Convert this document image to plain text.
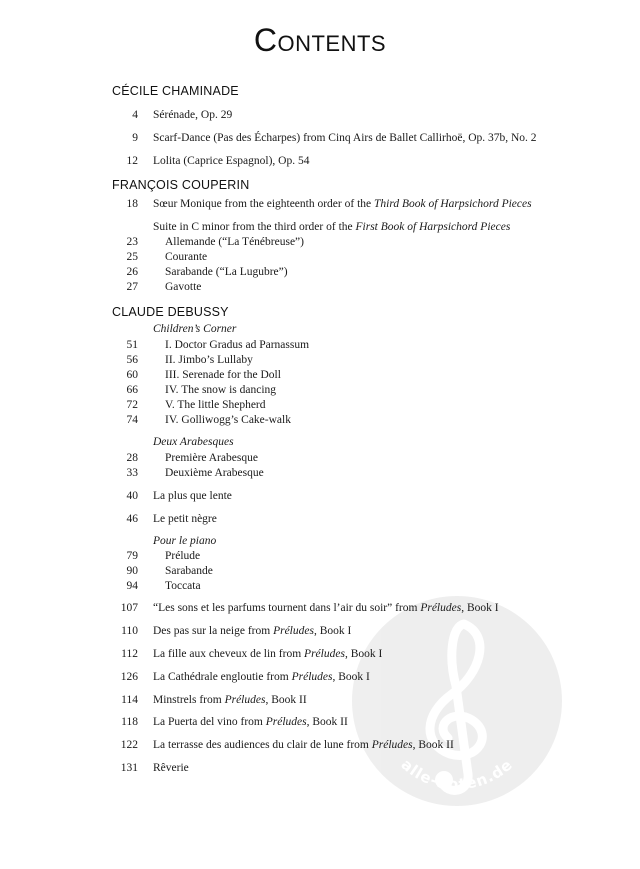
Contents
CÉCILE CHAMINADE
4 Sérénade, Op. 29
9 Scarf-Dance (Pas des Écharpes) from Cinq Airs de Ballet Callirhoë, Op. 37b, No. 2
12 Lolita (Caprice Espagnol), Op. 54
FRANÇOIS COUPERIN
18 Sœur Monique from the eighteenth order of the Third Book of Harpsichord Pieces
Suite in C minor from the third order of the First Book of Harpsichord Pieces
23 Allemande (“La Ténébreuse”)
25 Courante
26 Sarabande (“La Lugubre”)
27 Gavotte
CLAUDE DEBUSSY
Children’s Corner
51 I. Doctor Gradus ad Parnassum
56 II. Jimbo’s Lullaby
60 III. Serenade for the Doll
66 IV. The snow is dancing
72 V. The little Shepherd
74 IV. Golliwogg’s Cake-walk
Deux Arabesques
28 Première Arabesque
33 Deuxième Arabesque
40 La plus que lente
46 Le petit nègre
Pour le piano
79 Prélude
90 Sarabande
94 Toccata
alle-noten.de
107 “Les sons et les parfums tournent dans l’air du soir” from Préludes, Book I
110 Des pas sur la neige from Préludes, Book I
112 La fille aux cheveux de lin from Préludes, Book I
126 La Cathédrale engloutie from Préludes, Book I
114 Minstrels from Préludes, Book II
118 La Puerta del vino from Préludes, Book II
122 La terrasse des audiences du clair de lune from Préludes, Book II
131 Rêverie
